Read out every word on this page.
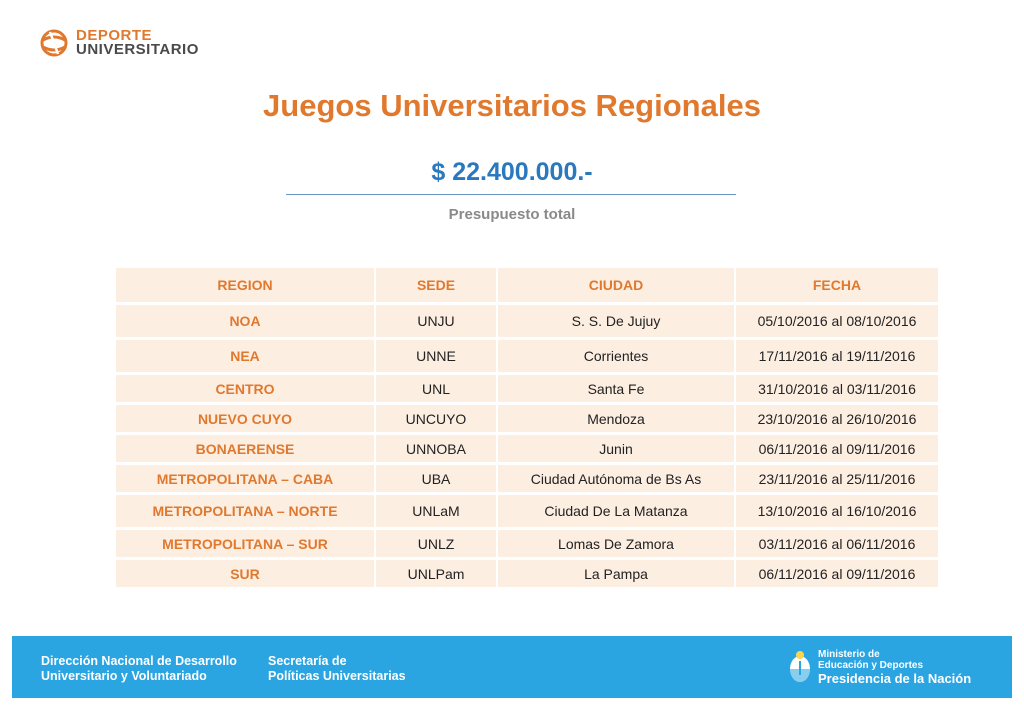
DEPORTE
UNIVERSITARIO
Juegos Universitarios Regionales
$ 22.400.000.-
Presupuesto total
REGION	SEDE	CIUDAD	FECHA
NOA	UNJU	S. S. De Jujuy	05/10/2016 al 08/10/2016
NEA	UNNE	Corrientes	17/11/2016 al 19/11/2016
CENTRO	UNL	Santa Fe	31/10/2016 al 03/11/2016
NUEVO CUYO	UNCUYO	Mendoza	23/10/2016 al 26/10/2016
BONAERENSE	UNNOBA	Junin	06/11/2016 al 09/11/2016
METROPOLITANA – CABA	UBA	Ciudad Autónoma de Bs As	23/11/2016 al 25/11/2016
METROPOLITANA – NORTE	UNLaM	Ciudad De La Matanza	13/10/2016 al 16/10/2016
METROPOLITANA – SUR	UNLZ	Lomas De Zamora	03/11/2016 al 06/11/2016
SUR	UNLPam	La Pampa	06/11/2016 al 09/11/2016
Dirección Nacional de Desarrollo
Universitario y Voluntariado
Secretaría de
Políticas Universitarias
Ministerio de
Educación y Deportes
Presidencia de la Nación
